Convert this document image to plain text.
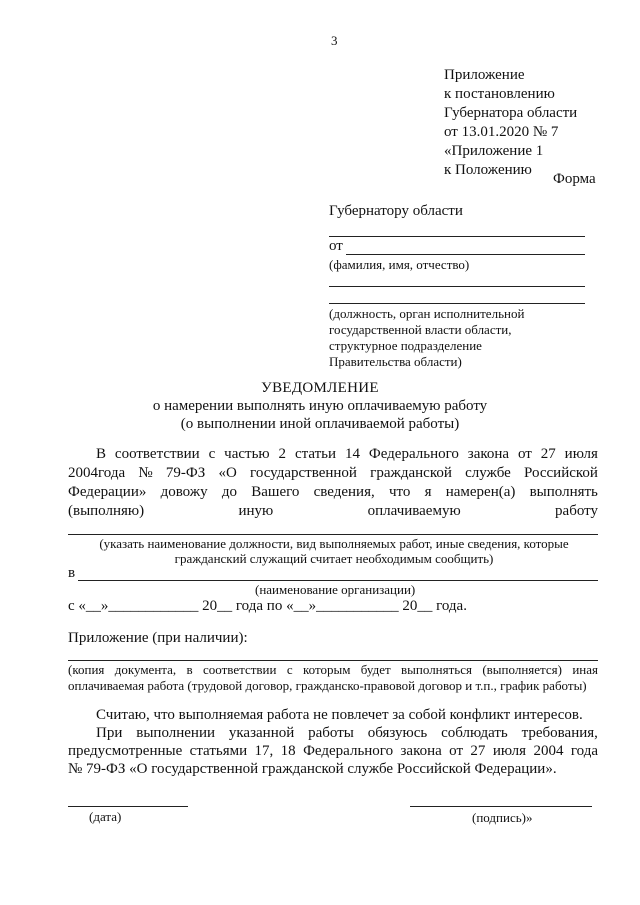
3
Приложение
к постановлению
Губернатора области
от 13.01.2020 № 7
«Приложение 1
к Положению
Форма
Губернатору области
от
(фамилия, имя, отчество)
(должность, орган исполнительной
государственной власти области,
структурное подразделение
Правительства области)
УВЕДОМЛЕНИЕ
о намерении выполнять иную оплачиваемую работу
(о выполнении иной оплачиваемой работы)
В соответствии с частью 2 статьи 14 Федерального закона от 27 июля
2004года № 79-ФЗ «О государственной гражданской службе Российской
Федерации» довожу до Вашего сведения, что я намерен(а) выполнять
(выполняю)	иную	оплачиваемую	работу
(указать наименование должности, вид выполняемых работ, иные сведения, которые
гражданский служащий считает необходимым сообщить)
в
(наименование организации)
с «__»____________ 20__ года по «__»___________ 20__ года.
Приложение (при наличии):
(копия документа, в соответствии с которым будет выполняться (выполняется) иная
оплачиваемая работа (трудовой договор, гражданско-правовой договор и т.п., график работы)
Считаю, что выполняемая работа не повлечет за собой конфликт интересов.
При выполнении указанной работы обязуюсь соблюдать требования,
предусмотренные статьями 17, 18 Федерального закона от 27 июля 2004 года
№ 79-ФЗ «О государственной гражданской службе Российской Федерации».
(дата)	(подпись)»
